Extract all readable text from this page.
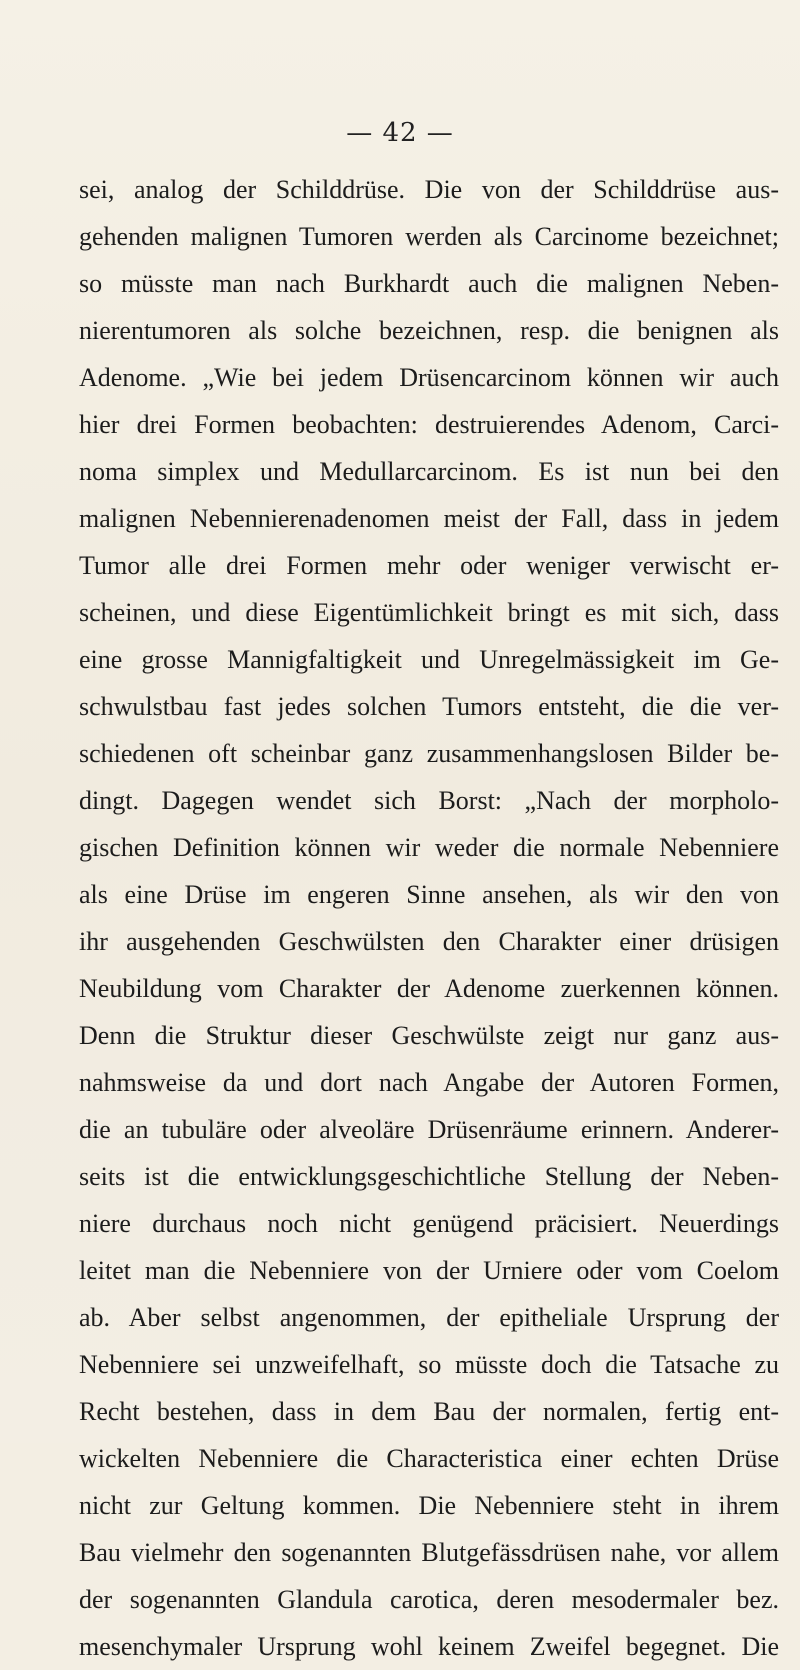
— 42 —
sei, analog der Schilddrüse. Die von der Schilddrüse aus-
gehenden malignen Tumoren werden als Carcinome bezeichnet;
so müsste man nach Burkhardt auch die malignen Neben-
nierentumoren als solche bezeichnen, resp. die benignen als
Adenome. „Wie bei jedem Drüsencarcinom können wir auch
hier drei Formen beobachten: destruierendes Adenom, Carci-
noma simplex und Medullarcarcinom. Es ist nun bei den
malignen Nebennierenadenomen meist der Fall, dass in jedem
Tumor alle drei Formen mehr oder weniger verwischt er-
scheinen, und diese Eigentümlichkeit bringt es mit sich, dass
eine grosse Mannigfaltigkeit und Unregelmässigkeit im Ge-
schwulstbau fast jedes solchen Tumors entsteht, die die ver-
schiedenen oft scheinbar ganz zusammenhangslosen Bilder be-
dingt. Dagegen wendet sich Borst: „Nach der morpholo-
gischen Definition können wir weder die normale Nebenniere
als eine Drüse im engeren Sinne ansehen, als wir den von
ihr ausgehenden Geschwülsten den Charakter einer drüsigen
Neubildung vom Charakter der Adenome zuerkennen können.
Denn die Struktur dieser Geschwülste zeigt nur ganz aus-
nahmsweise da und dort nach Angabe der Autoren Formen,
die an tubuläre oder alveoläre Drüsenräume erinnern. Anderer-
seits ist die entwicklungsgeschichtliche Stellung der Neben-
niere durchaus noch nicht genügend präcisiert. Neuerdings
leitet man die Nebenniere von der Urniere oder vom Coelom
ab. Aber selbst angenommen, der epitheliale Ursprung der
Nebenniere sei unzweifelhaft, so müsste doch die Tatsache zu
Recht bestehen, dass in dem Bau der normalen, fertig ent-
wickelten Nebenniere die Characteristica einer echten Drüse
nicht zur Geltung kommen. Die Nebenniere steht in ihrem
Bau vielmehr den sogenannten Blutgefässdrüsen nahe, vor allem
der sogenannten Glandula carotica, deren mesodermaler bez.
mesenchymaler Ursprung wohl keinem Zweifel begegnet. Die
